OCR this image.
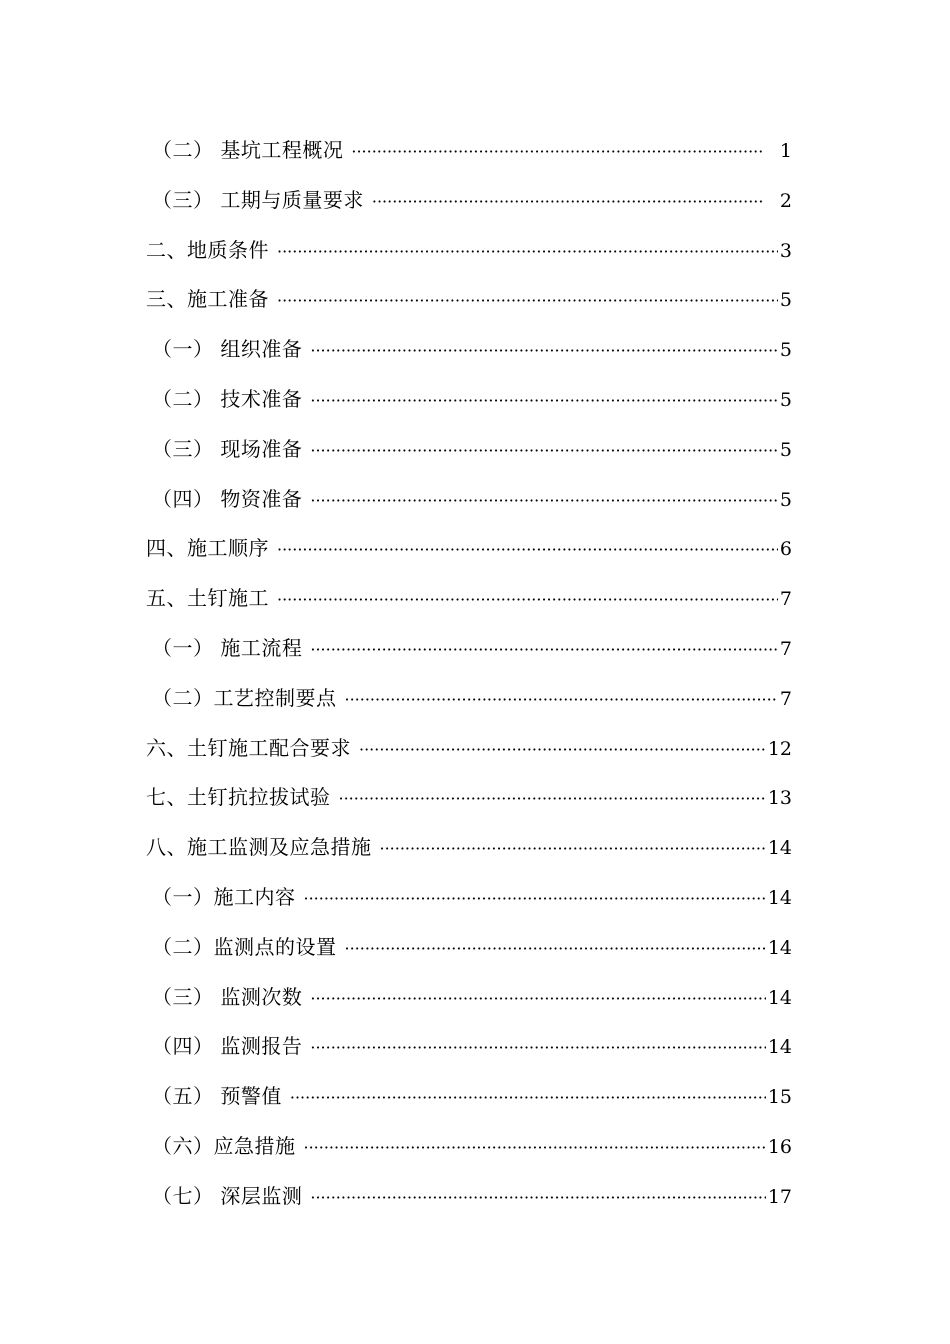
（二） 基坑工程概况 ·····	1
（三） 工期与质量要求 ·····	2
二、地质条件 ·····	3
三、施工准备 ·····	5
（一） 组织准备 ·····	5
（二） 技术准备 ·····	5
（三） 现场准备 ·····	5
（四） 物资准备 ·····	5
四、施工顺序 ·····	6
五、土钉施工 ·····	7
（一） 施工流程 ·····	7
（二）工艺控制要点 ·····	7
六、土钉施工配合要求 ·····	12
七、土钉抗拉拔试验 ·····	13
八、施工监测及应急措施 ·····	14
（一）施工内容 ·····	14
（二）监测点的设置 ·····	14
（三） 监测次数 ·····	14
（四） 监测报告 ·····	14
（五） 预警值 ·····	15
（六）应急措施 ·····	16
（七） 深层监测 ·····	17
